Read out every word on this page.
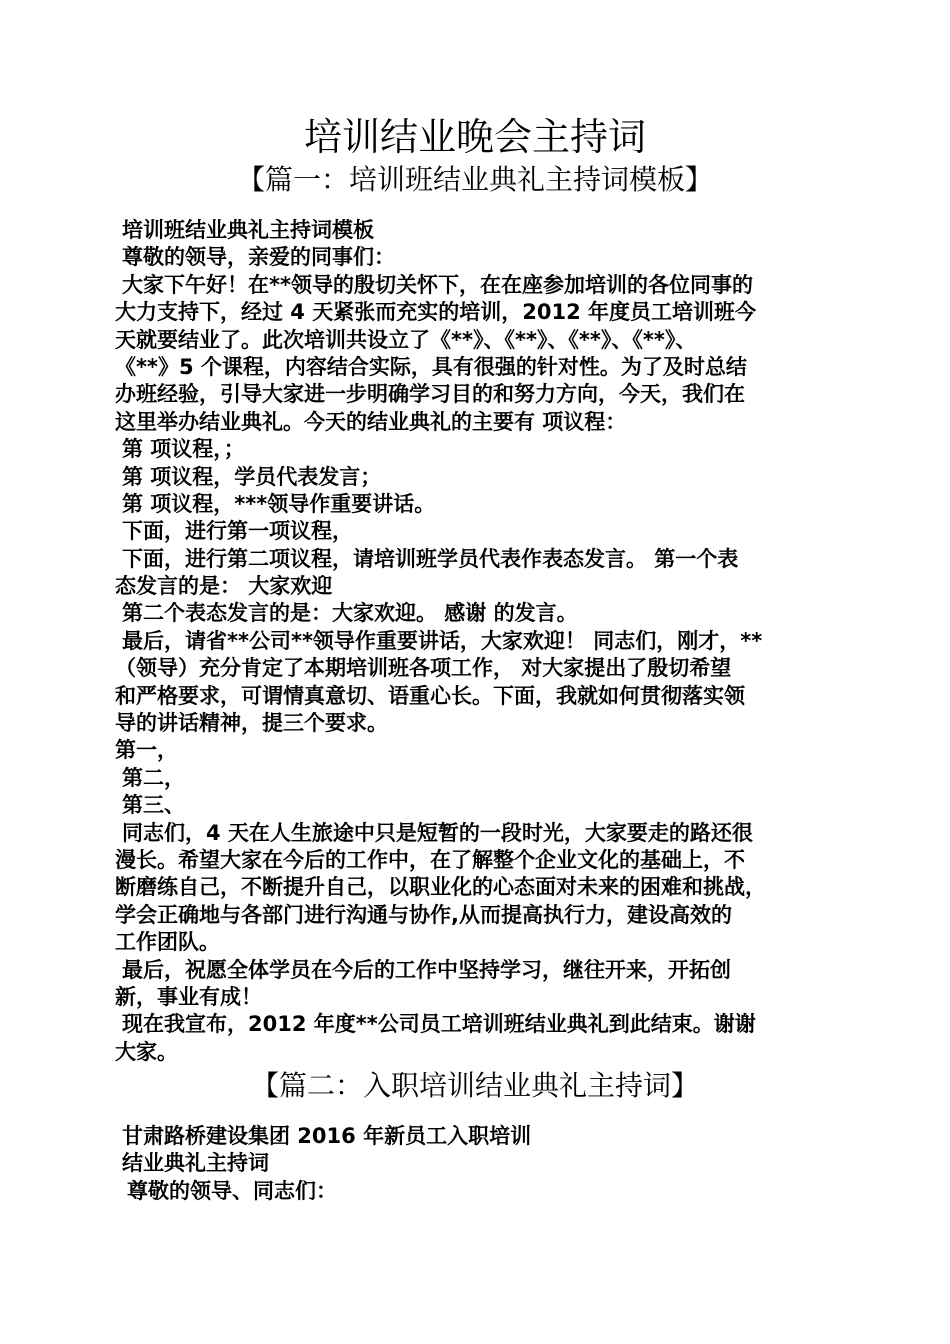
培训结业晚会主持词
【篇一：培训班结业典礼主持词模板】
培训班结业典礼主持词模板
尊敬的领导，亲爱的同事们：
大家下午好！在**领导的殷切关怀下，在在座参加培训的各位同事的
大力支持下，经过 4 天紧张而充实的培训，2012 年度员工培训班今
天就要结业了。此次培训共设立了《**》、《**》、《**》、《**》、
《**》5 个课程，内容结合实际，具有很强的针对性。为了及时总结
办班经验，引导大家进一步明确学习目的和努力方向，今天，我们在
这里举办结业典礼。今天的结业典礼的主要有 项议程：
第 项议程，；
第 项议程，学员代表发言；
第 项议程，***领导作重要讲话。
下面，进行第一项议程，
下面，进行第二项议程，请培训班学员代表作表态发言。 第一个表
态发言的是： 大家欢迎
第二个表态发言的是：大家欢迎。 感谢 的发言。
最后，请省**公司**领导作重要讲话，大家欢迎！ 同志们，刚才，**
（领导）充分肯定了本期培训班各项工作， 对大家提出了殷切希望
和严格要求，可谓情真意切、语重心长。下面，我就如何贯彻落实领
导的讲话精神，提三个要求。
第一，
第二，
第三、
同志们，4 天在人生旅途中只是短暂的一段时光，大家要走的路还很
漫长。希望大家在今后的工作中，在了解整个企业文化的基础上，不
断磨练自己，不断提升自己，以职业化的心态面对未来的困难和挑战，
学会正确地与各部门进行沟通与协作,从而提高执行力，建设高效的
工作团队。
最后，祝愿全体学员在今后的工作中坚持学习，继往开来，开拓创
新，事业有成！
现在我宣布，2012 年度**公司员工培训班结业典礼到此结束。谢谢
大家。
【篇二：入职培训结业典礼主持词】
甘肃路桥建设集团 2016 年新员工入职培训
结业典礼主持词
尊敬的领导、同志们：
